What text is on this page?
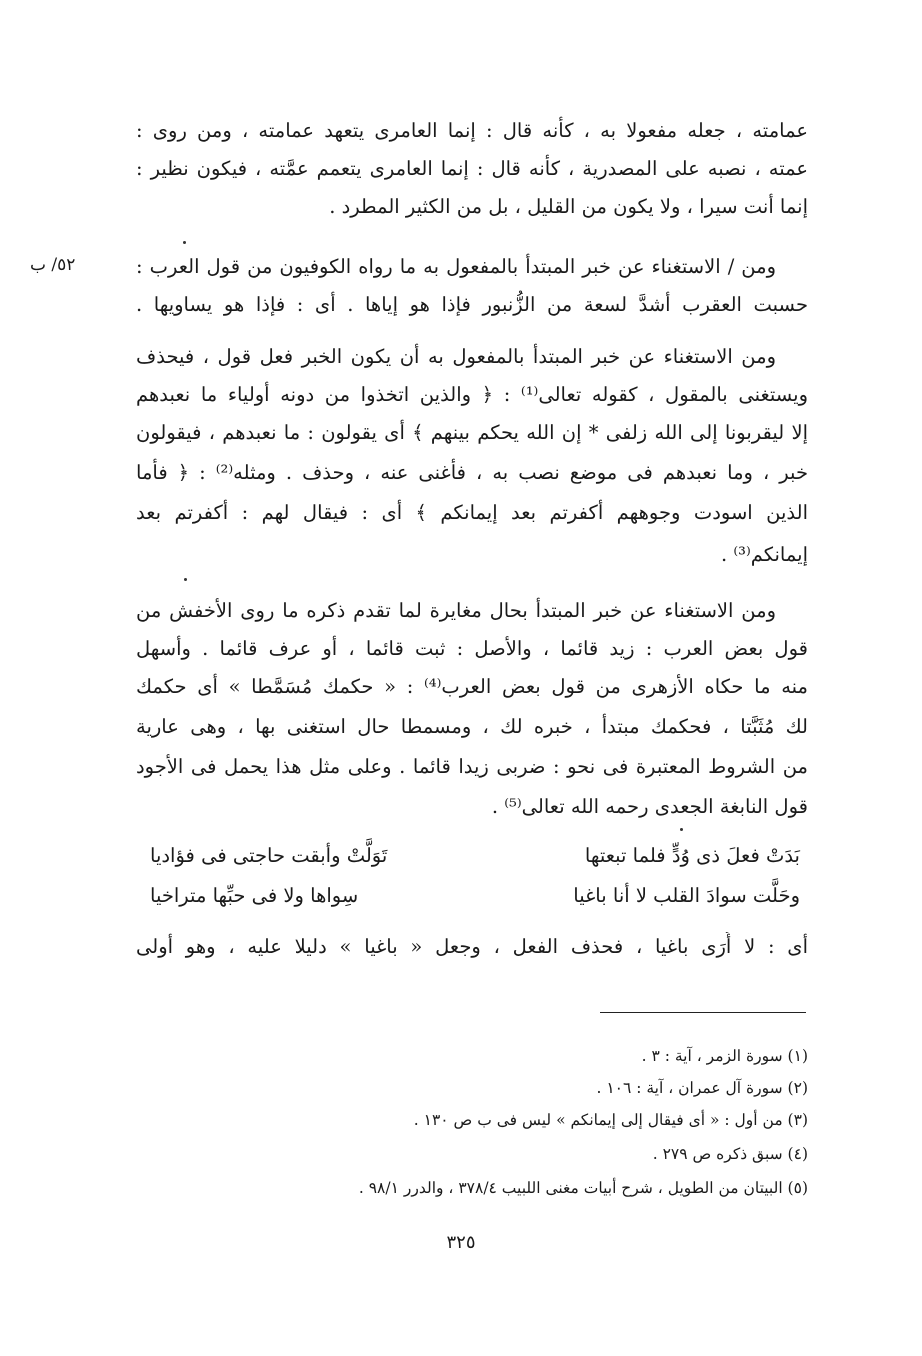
٥٢/ ب
عمامته ، جعله مفعولا به ، كأنه قال : إنما العامرى يتعهد عمامته ، ومن روى :
عمته ، نصبه على المصدرية ، كأنه قال : إنما العامرى يتعمم عمَّته ، فيكون نظير :
إنما أنت سيرا ، ولا يكون من القليل ، بل من الكثير المطرد .
ومن / الاستغناء عن خبر المبتدأ بالمفعول به ما رواه الكوفيون من قول العرب :
حسبت العقرب أشدَّ لسعة من الزُّنبور فإذا هو إياها . أى : فإذا هو يساويها .
ومن الاستغناء عن خبر المبتدأ بالمفعول به أن يكون الخبر فعل قول ، فيحذف
ويستغنى بالمقول ، كقوله تعالى⁽¹⁾ : ﴿ والذين اتخذوا من دونه أولياء ما نعبدهم
إلا ليقربونا إلى الله زلفى * إن الله يحكم بينهم ﴾ أى يقولون : ما نعبدهم ، فيقولون
خبر ، وما نعبدهم فى موضع نصب به ، فأغنى عنه ، وحذف . ومثله⁽²⁾ : ﴿ فأما
الذين اسودت وجوههم أكفرتم بعد إيمانكم ﴾ أى : فيقال لهم : أكفرتم بعد
إيمانكم⁽³⁾ .
ومن الاستغناء عن خبر المبتدأ بحال مغايرة لما تقدم ذكره ما روى الأخفش من
قول بعض العرب : زيد قائما ، والأصل : ثبت قائما ، أو عرف قائما . وأسهل
منه ما حكاه الأزهرى من قول بعض العرب⁽⁴⁾ : « حكمك مُسَمَّطا » أى حكمك
لك مُثَبَّتا ، فحكمك مبتدأ ، خبره لك ، ومسمطا حال استغنى بها ، وهى عارية
من الشروط المعتبرة فى نحو : ضربى زيدا قائما . وعلى مثل هذا يحمل فى الأجود
قول النابغة الجعدى رحمه الله تعالى⁽⁵⁾ .
بَدَتْ فعلَ ذى وُدٍّ فلما تبعتها
تَوَلَّتْ وأبقت حاجتى فى فؤاديا
وحَلَّت سوادَ القلب لا أنا باغيا
سِواها ولا فى حبِّها متراخيا
أى : لا أُرَى باغيا ، فحذف الفعل ، وجعل « باغيا » دليلا عليه ، وهو أولى
(١) سورة الزمر ، آية : ٣ .
(٢) سورة آل عمران ، آية : ١٠٦ .
(٣) من أول : « أى فيقال إلى إيمانكم » ليس فى ب ص ١٣٠ .
(٤) سبق ذكره ص ٢٧٩ .
(٥) البيتان من الطويل ، شرح أبيات مغنى اللبيب ٣٧٨/٤ ، والدرر ٩٨/١ .
٣٢٥
